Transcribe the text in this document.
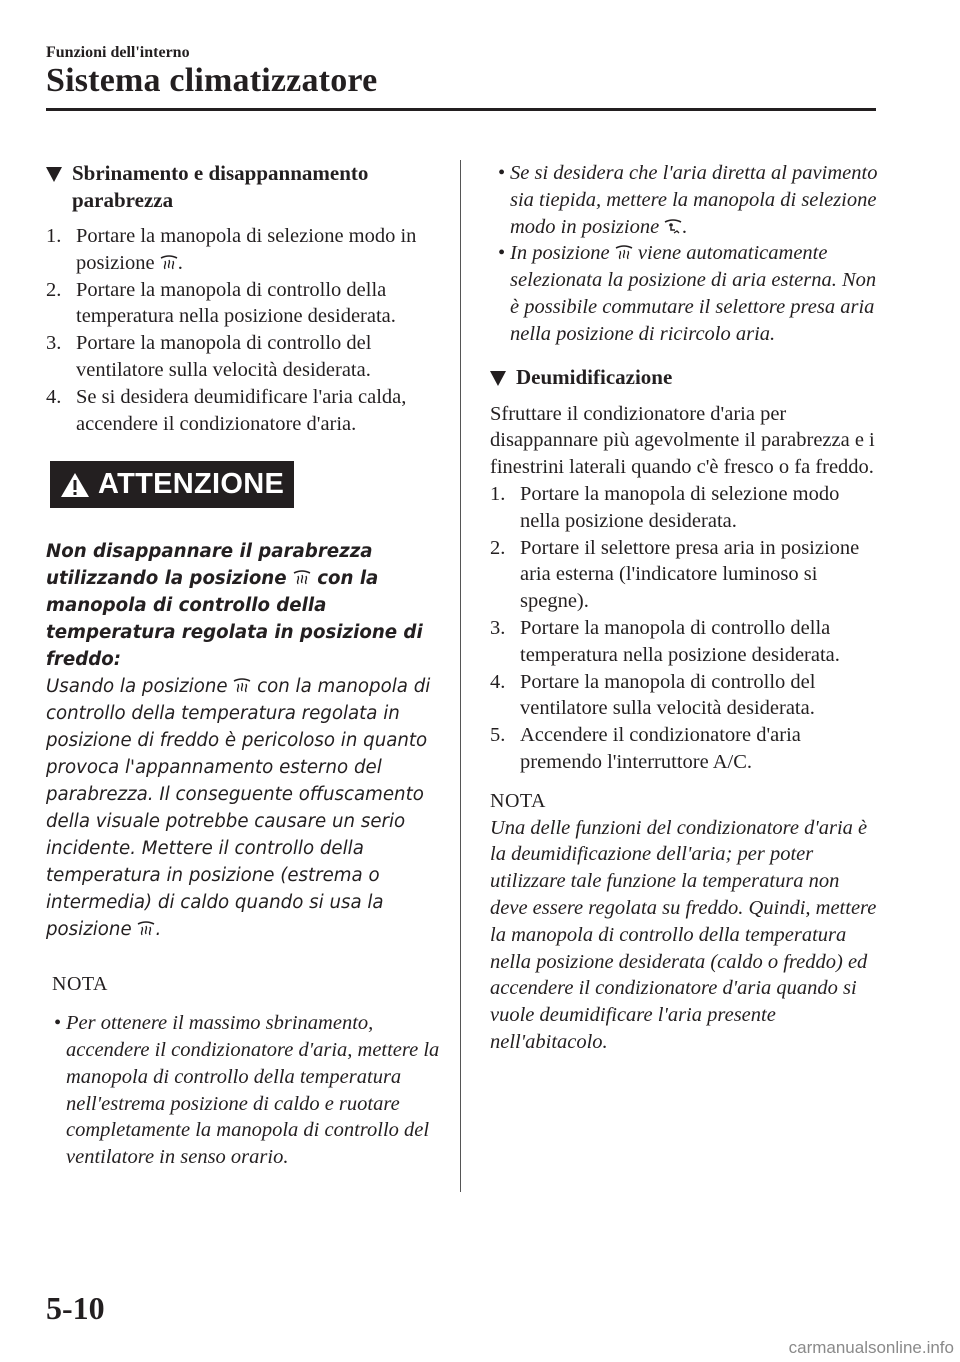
Funzioni dell'interno
Sistema climatizzatore
Sbrinamento e disappannamento parabrezza
1. Portare la manopola di selezione modo in posizione
.
2. Portare la manopola di controllo della temperatura nella posizione desiderata.
3. Portare la manopola di controllo del ventilatore sulla velocità desiderata.
4. Se si desidera deumidificare l'aria calda, accendere il condizionatore d'aria.
ATTENZIONE
Non disappannare il parabrezza utilizzando la posizione
con la manopola di controllo della temperatura regolata in posizione di freddo:
Usando la posizione
con la manopola di controllo della temperatura regolata in posizione di freddo è pericoloso in quanto provoca l'appannamento esterno del parabrezza. Il conseguente offuscamento della visuale potrebbe causare un serio incidente. Mettere il controllo della temperatura in posizione (estrema o intermedia) di caldo quando si usa la posizione
.
NOTA
• Per ottenere il massimo sbrinamento, accendere il condizionatore d'aria, mettere la manopola di controllo della temperatura nell'estrema posizione di caldo e ruotare completamente la manopola di controllo del ventilatore in senso orario.
• Se si desidera che l'aria diretta al pavimento sia tiepida, mettere la manopola di selezione modo in posizione
.
• In posizione
viene automaticamente selezionata la posizione di aria esterna. Non è possibile commutare il selettore presa aria nella posizione di ricircolo aria.
Deumidificazione
Sfruttare il condizionatore d'aria per disappannare più agevolmente il parabrezza e i finestrini laterali quando c'è fresco o fa freddo.
1. Portare la manopola di selezione modo nella posizione desiderata.
2. Portare il selettore presa aria in posizione aria esterna (l'indicatore luminoso si spegne).
3. Portare la manopola di controllo della temperatura nella posizione desiderata.
4. Portare la manopola di controllo del ventilatore sulla velocità desiderata.
5. Accendere il condizionatore d'aria premendo l'interruttore A/C.
NOTA
Una delle funzioni del condizionatore d'aria è la deumidificazione dell'aria; per poter utilizzare tale funzione la temperatura non deve essere regolata su freddo. Quindi, mettere la manopola di controllo della temperatura nella posizione desiderata (caldo o freddo) ed accendere il condizionatore d'aria quando si vuole deumidificare l'aria presente nell'abitacolo.
5-10
carmanualsonline.info
